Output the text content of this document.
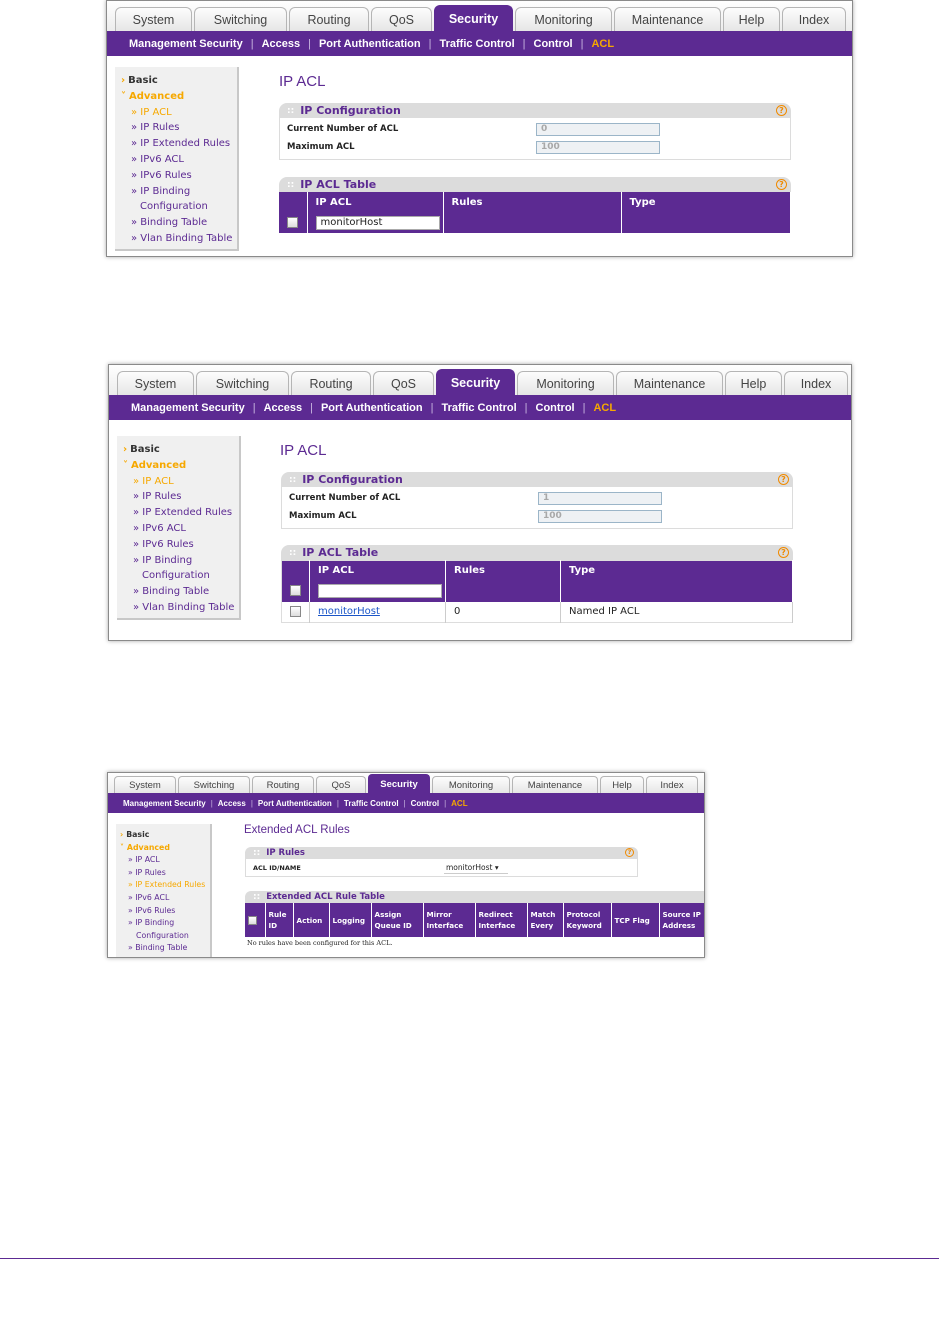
System	Switching	Routing	QoS	Security	Monitoring	Maintenance	Help	Index
Management Security | Access | Port Authentication | Traffic Control | Control | ACL
› Basic
˅ Advanced
» IP ACL
» IP Rules
» IP Extended Rules
» IPv6 ACL
» IPv6 Rules
» IP Binding
Configuration
» Binding Table
» Vlan Binding Table
IP ACL
:: IP Configuration	?
Current Number of ACL	0
Maximum ACL	100
:: IP ACL Table	?
	IP ACL	Rules	Type

	monitorHost		

System	Switching	Routing	QoS	Security	Monitoring	Maintenance	Help	Index
Management Security | Access | Port Authentication | Traffic Control | Control | ACL
› Basic
˅ Advanced
» IP ACL
» IP Rules
» IP Extended Rules
» IPv6 ACL
» IPv6 Rules
» IP Binding
Configuration
» Binding Table
» Vlan Binding Table
IP ACL
:: IP Configuration	?
Current Number of ACL	1
Maximum ACL	100
:: IP ACL Table	?
	IP ACL	Rules	Type

	monitorHost	0	Named IP ACL
System	Switching	Routing	QoS	Security	Monitoring	Maintenance	Help	Index
Management Security | Access | Port Authentication | Traffic Control | Control | ACL
› Basic
˅ Advanced
» IP ACL
» IP Rules
» IP Extended Rules
» IPv6 ACL
» IPv6 Rules
» IP Binding
Configuration
» Binding Table
Extended ACL Rules
:: IP Rules	?
ACL ID/NAME	monitorHost ▾
:: Extended ACL Rule Table
	Rule ID	Action	Logging	Assign Queue ID	Mirror Interface	Redirect Interface	Match Every	Protocol Keyword	TCP Flag	Source IP Address
No rules have been configured for this ACL.
